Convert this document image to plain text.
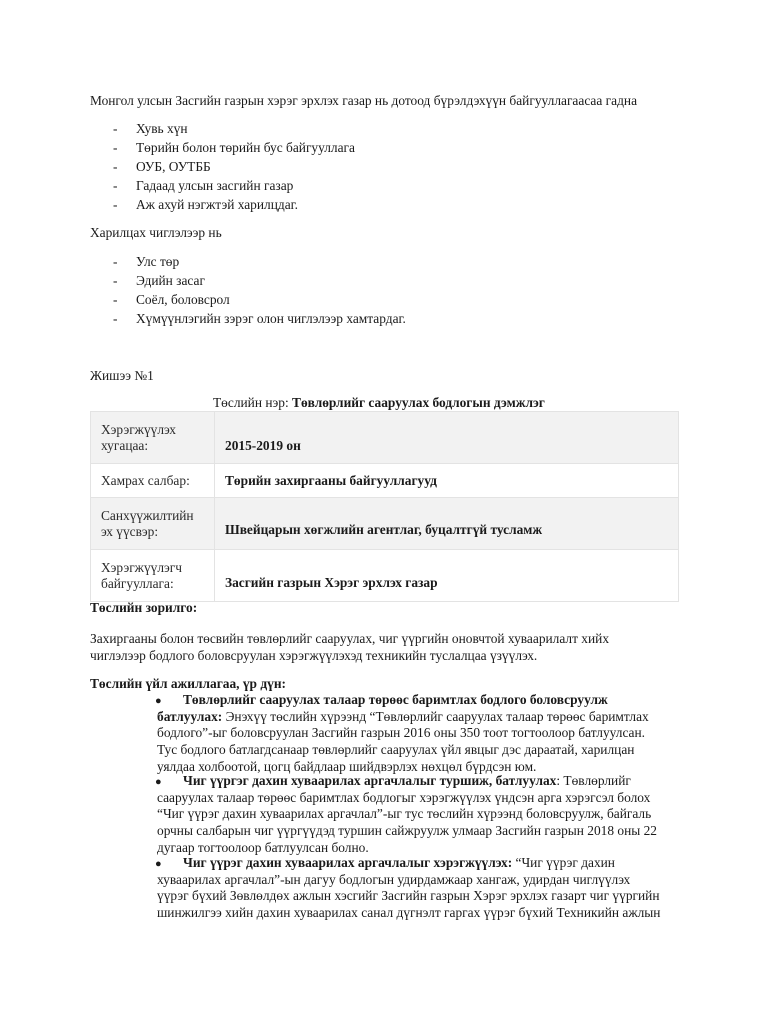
Монгол улсын Засгийн газрын хэрэг эрхлэх газар нь дотоод бүрэлдэхүүн байгууллагаасаа гадна
- Хувь хүн
- Төрийн болон төрийн бус байгууллага
- ОУБ, ОУТББ
- Гадаад улсын засгийн газар
- Аж ахуй нэгжтэй харилцдаг.
Харилцах чиглэлээр нь
- Улс төр
- Эдийн засаг
- Соёл, боловсрол
- Хүмүүнлэгийн зэрэг олон чиглэлээр хамтардаг.
Жишээ №1
Төслийн нэр: Төвлөрлийг сааруулах бодлогын дэмжлэг
Хэрэгжүүлэх
хугацаа:	2015-2019 он

Хамрах салбар:	Төрийн захиргааны байгууллагууд

Санхүүжилтийн
эх үүсвэр:	Швейцарын хөгжлийн агентлаг, буцалтгүй тусламж

Хэрэгжүүлэгч
байгууллага:	Засгийн газрын Хэрэг эрхлэх газар
Төслийн зорилго:
Захиргааны болон төсвийн төвлөрлийг сааруулах, чиг үүргийн оновчтой хуваарилалт хийх
чиглэлээр бодлого боловсруулан хэрэгжүүлэхэд техникийн туслалцаа үзүүлэх.
Төслийн үйл ажиллагаа, үр дүн:
●	Төвлөрлийг сааруулах талаар төрөөс баримтлах бодлого боловсруулж

батлуулах: Энэхүү төслийн хүрээнд “Төвлөрлийг сааруулах талаар төрөөс баримтлах

бодлого”-ыг боловсруулан Засгийн газрын 2016 оны 350 тоот тогтоолоор батлуулсан.

Тус бодлого батлагдсанаар төвлөрлийг сааруулах үйл явцыг дэс дараатай, харилцан

уялдаа холбоотой, цогц байдлаар шийдвэрлэх нөхцөл бүрдсэн юм.

●	Чиг үүргэг дахин хуваарилах аргачлалыг туршиж, батлуулах: Төвлөрлийг

сааруулах талаар төрөөс баримтлах бодлогыг хэрэгжүүлэх үндсэн арга хэрэгсэл болох

“Чиг үүрэг дахин хуваарилах аргачлал”-ыг тус төслийн хүрээнд боловсруулж, байгаль

орчны салбарын чиг үүргүүдэд туршин сайжруулж улмаар Засгийн газрын 2018 оны 22

дугаар тогтоолоор батлуулсан болно.

●	Чиг үүрэг дахин хуваарилах аргачлалыг хэрэгжүүлэх: “Чиг үүрэг дахин

хуваарилах аргачлал”-ын дагуу бодлогын удирдамжаар хангаж, удирдан чиглүүлэх

үүрэг бүхий Зөвлөлдөх ажлын хэсгийг Засгийн газрын Хэрэг эрхлэх газарт чиг үүргийн

шинжилгээ хийн дахин хуваарилах санал дүгнэлт гаргах үүрэг бүхий Техникийн ажлын
